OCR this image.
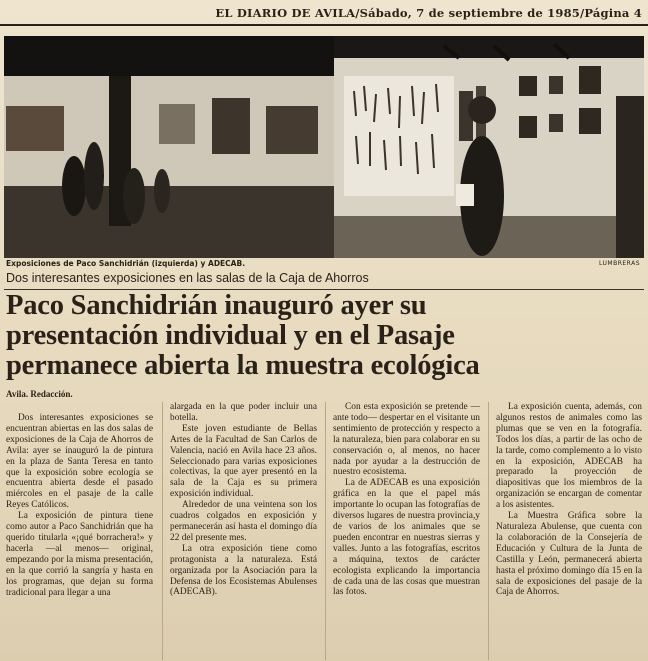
EL DIARIO DE AVILA/Sábado, 7 de septiembre de 1985/Página 4
Exposiciones de Paco Sanchidrián (izquierda) y ADECAB.	LUMBRERAS
Dos interesantes exposiciones en las salas de la Caja de Ahorros
Paco Sanchidrián inauguró ayer su
presentación individual y en el Pasaje
permanece abierta la muestra ecológica
Avila. Redacción.

Dos interesantes exposiciones se encuentran abiertas en las dos salas de exposiciones de la Caja de Ahorros de Avila: ayer se inauguró la de pintura en la plaza de Santa Teresa en tanto que la exposición sobre ecología se encuentra abierta desde el pasado miércoles en el pasaje de la calle Reyes Católicos.

La exposición de pintura tiene como autor a Paco Sanchidrián que ha querido titularla «¡qué borrachera!» y hacerla —al menos— original, empezando por la misma presentación, en la que corrió la sangría y hasta en los programas, que dejan su forma tradicional para llegar a una

alargada en la que poder incluir una botella.

Este joven estudiante de Bellas Artes de la Facultad de San Carlos de Valencia, nació en Avila hace 23 años. Seleccionado para varias exposiciones colectivas, la que ayer presentó en la sala de la Caja es su primera exposición individual.

Alrededor de una veintena son los cuadros colgados en exposición y permanecerán así hasta el domingo día 22 del presente mes.

La otra exposición tiene como protagonista a la naturaleza. Está organizada por la Asociación para la Defensa de los Ecosistemas Abulenses (ADECAB).

Con esta exposición se pretende —ante todo— despertar en el visitante un sentimiento de protección y respecto a la naturaleza, bien para colaborar en su conservación o, al menos, no hacer nada por ayudar a la destrucción de nuestro ecosistema.

La de ADECAB es una exposición gráfica en la que el papel más importante lo ocupan las fotografías de diversos lugares de nuestra provincia,y de varios de los animales que se pueden encontrar en nuestras sierras y valles. Junto a las fotografías, escritos a máquina, textos de carácter ecologista explicando la importancia de cada una de las cosas que muestran las fotos.

La exposición cuenta, además, con algunos restos de animales como las plumas que se ven en la fotografía. Todos los días, a partir de las ocho de la tarde, como complemento a lo visto en la exposición, ADECAB ha preparado la proyección de diapositivas que los miembros de la organización se encargan de comentar a los asistentes.

La Muestra Gráfica sobre la Naturaleza Abulense, que cuenta con la colaboración de la Consejería de Educación y Cultura de la Junta de Castilla y León, permanecerá abierta hasta el próximo domingo día 15 en la sala de exposiciones del pasaje de la Caja de Ahorros.
